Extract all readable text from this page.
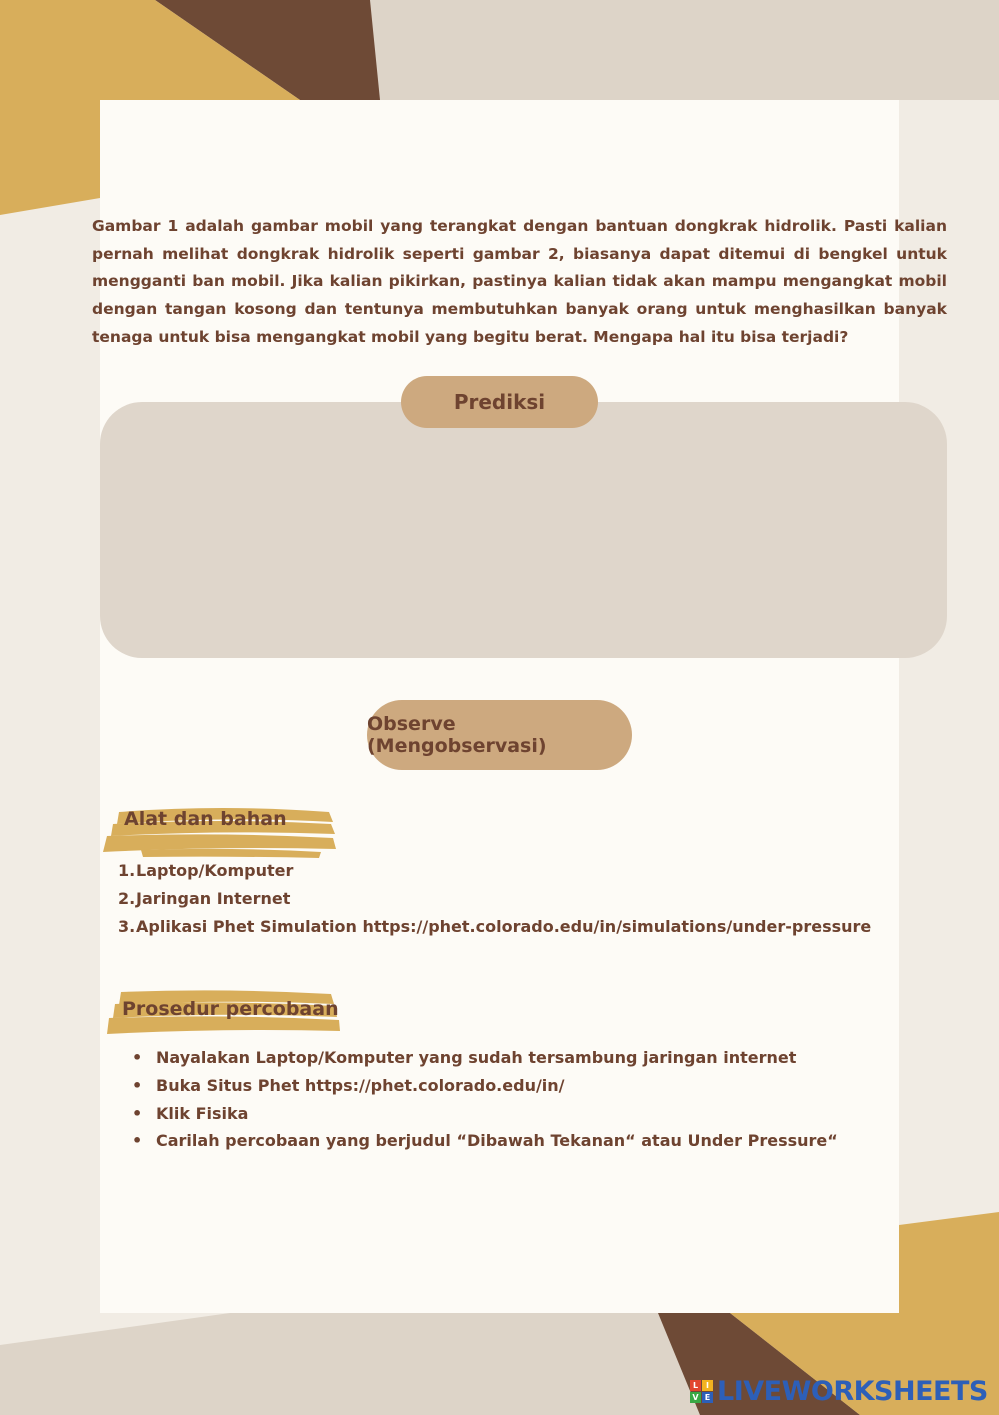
Gambar 1 adalah gambar mobil yang terangkat dengan bantuan dongkrak hidrolik. Pasti kalian pernah melihat dongkrak hidrolik seperti gambar 2, biasanya dapat ditemui di bengkel untuk mengganti ban mobil. Jika kalian pikirkan, pastinya kalian tidak akan mampu mengangkat mobil dengan tangan kosong dan tentunya membutuhkan banyak orang untuk menghasilkan banyak tenaga untuk bisa mengangkat mobil yang begitu berat. Mengapa hal itu bisa terjadi?

Prediksi
Observe (Mengobservasi)
Alat dan bahan
1. Laptop/Komputer
2. Jaringan Internet
3. Aplikasi Phet Simulation https://phet.colorado.edu/in/simulations/under-pressure
Prosedur percobaan
• Nayalakan Laptop/Komputer yang sudah tersambung jaringan internet
• Buka Situs Phet https://phet.colorado.edu/in/
• Klik Fisika
• Carilah percobaan yang berjudul “Dibawah Tekanan“ atau Under Pressure“
L I
V E LIVEWORKSHEETS
